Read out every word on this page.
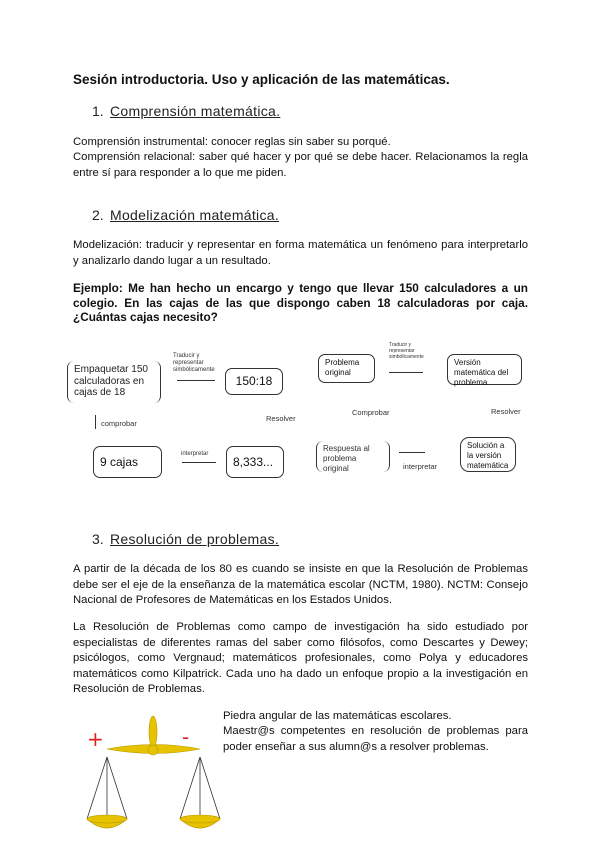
Sesión introductoria. Uso y aplicación de las matemáticas.
1. Comprensión matemática.
Comprensión instrumental: conocer reglas sin saber su porqué.
Comprensión relacional: saber qué hacer y por qué se debe hacer. Relacionamos la regla entre sí para responder a lo que me piden.
2. Modelización matemática.
Modelización: traducir y representar en forma matemática un fenómeno para interpretarlo y analizarlo dando lugar a un resultado.
Ejemplo: Me han hecho un encargo y tengo que llevar 150 calculadores a un colegio. En las cajas de las que dispongo caben 18 calculadoras por caja. ¿Cuántas cajas necesito?
Empaquetar 150 calculadoras en cajas de 18
Traducir y representar simbólicamente
150:18
Resolver
comprobar
9 cajas
interpretar
8,333...
Problema original
Traducir y representar simbólicamente
Versión matemática del problema
Comprobar	Resolver
Respuesta al problema original	interpretar
Solución a la versión matemática
3. Resolución de problemas.
A partir de la década de los 80 es cuando se insiste en que la Resolución de Problemas debe ser el eje de la enseñanza de la matemática escolar (NCTM, 1980). NCTM: Consejo Nacional de Profesores de Matemáticas en los Estados Unidos.
La Resolución de Problemas como campo de investigación ha sido estudiado por especialistas de diferentes ramas del saber como filósofos, como Descartes y Dewey; psicólogos, como Vergnaud; matemáticos profesionales, como Polya y educadores matemáticos como Kilpatrick. Cada uno ha dado un enfoque propio a la investigación en Resolución de Problemas.
Piedra angular de las matemáticas escolares.
Maestr@s competentes en resolución de problemas para poder enseñar a sus alumn@s a resolver problemas.
+	-
